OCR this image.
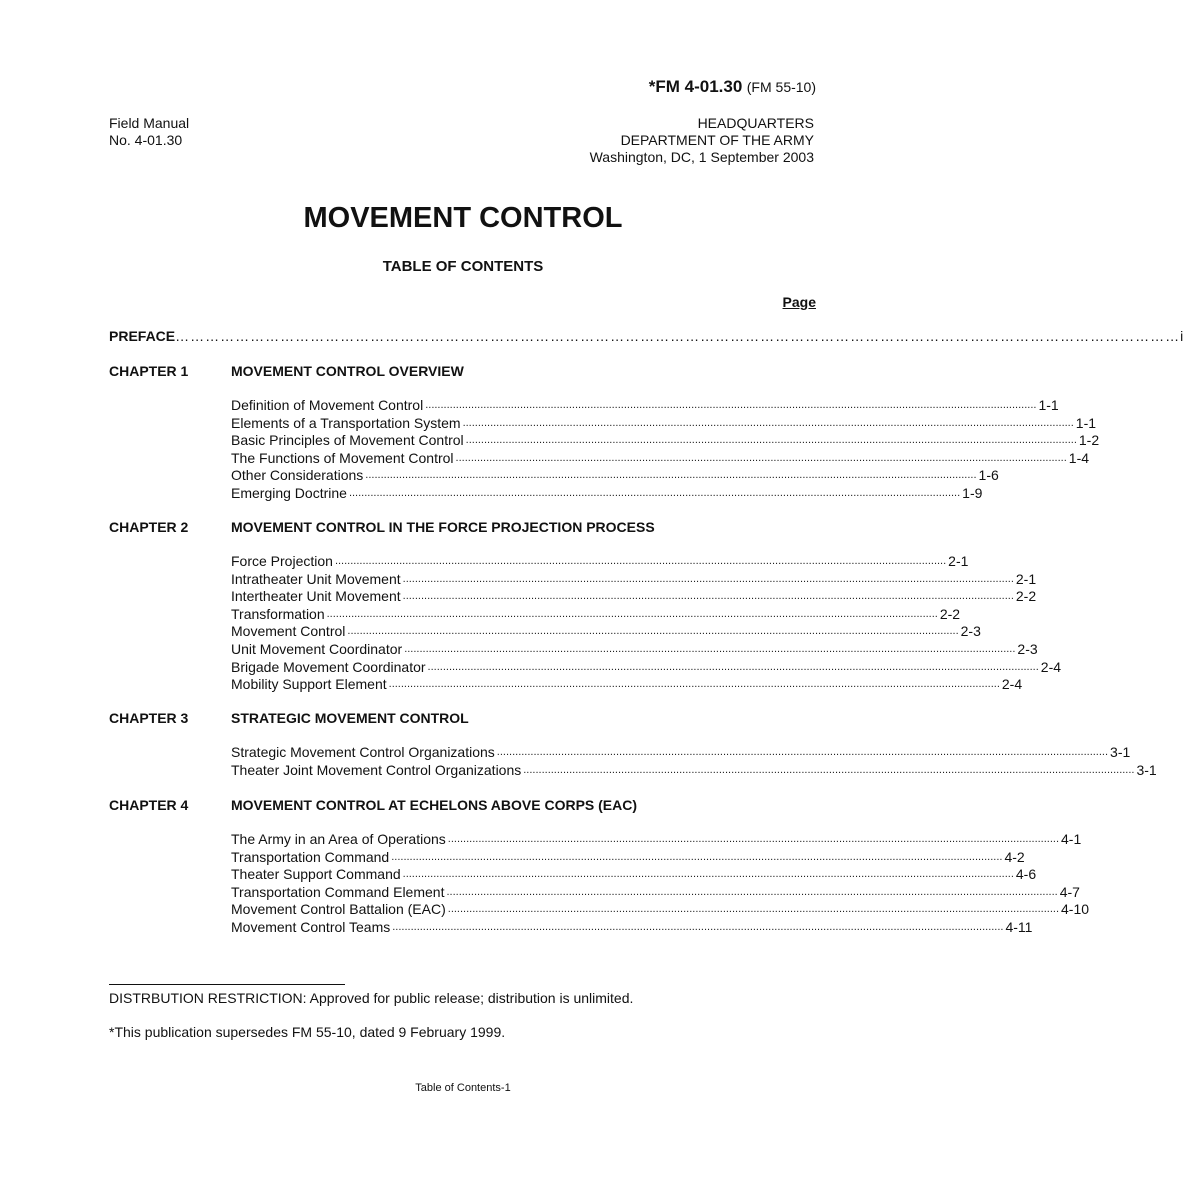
*FM 4-01.30 (FM 55-10)
Field Manual
No. 4-01.30
HEADQUARTERS
DEPARTMENT OF THE ARMY
Washington, DC, 1 September 2003
MOVEMENT CONTROL
TABLE OF CONTENTS
Page
PREFACE ………………………………………………………………………………………………………………………………………………………………………………… i
CHAPTER 1	MOVEMENT CONTROL OVERVIEW
Definition of Movement Control .....	1-1
Elements of a Transportation System .....	1-1
Basic Principles of Movement Control .....	1-2
The Functions of Movement Control .....	1-4
Other Considerations .....	1-6
Emerging Doctrine .....	1-9
CHAPTER 2	MOVEMENT CONTROL IN THE FORCE PROJECTION PROCESS
Force Projection .....	2-1
Intratheater Unit Movement .....	2-1
Intertheater Unit Movement .....	2-2
Transformation .....	2-2
Movement Control .....	2-3
Unit Movement Coordinator .....	2-3
Brigade Movement Coordinator .....	2-4
Mobility Support Element .....	2-4
CHAPTER 3	STRATEGIC MOVEMENT CONTROL
Strategic Movement Control Organizations .....	3-1
Theater Joint Movement Control Organizations .....	3-1
CHAPTER 4	MOVEMENT CONTROL AT ECHELONS ABOVE CORPS (EAC)
The Army in an Area of Operations .....	4-1
Transportation Command .....	4-2
Theater Support Command .....	4-6
Transportation Command Element .....	4-7
Movement Control Battalion (EAC) .....	4-10
Movement Control Teams .....	4-11
DISTRBUTION RESTRICTION: Approved for public release; distribution is unlimited.
*This publication supersedes FM 55-10, dated 9 February 1999.
Table of Contents-1
